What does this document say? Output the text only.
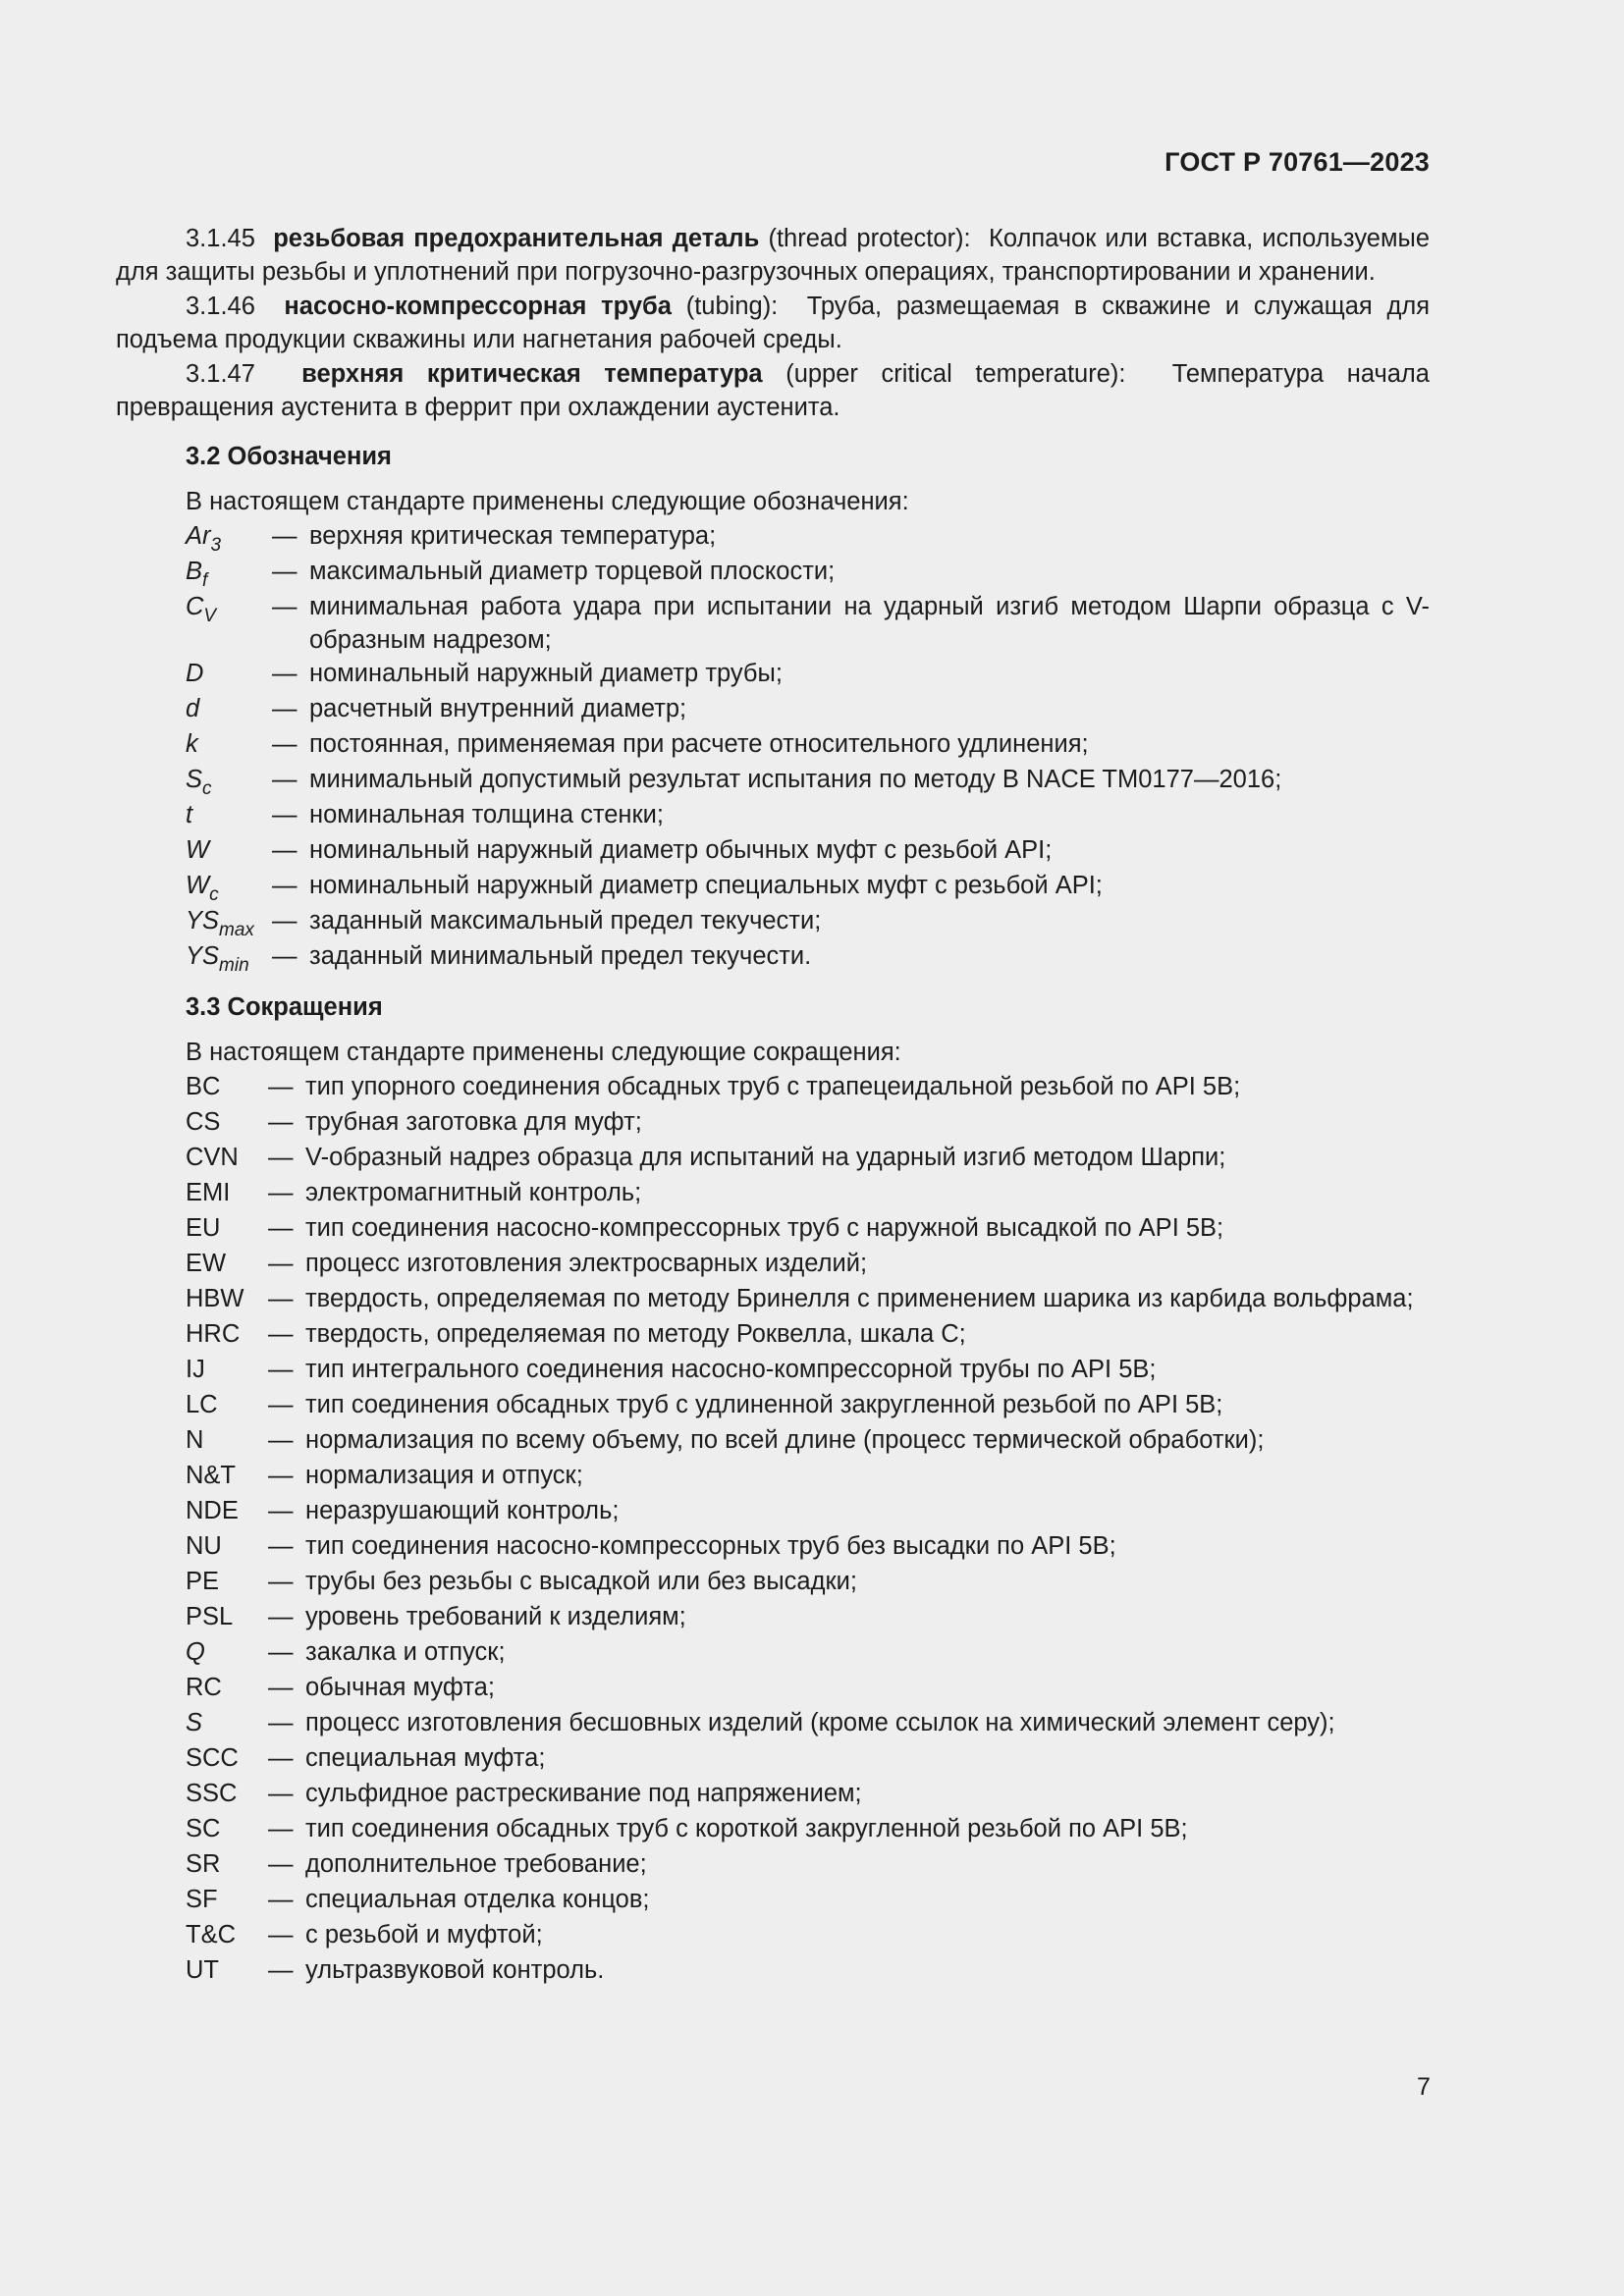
ГОСТ Р 70761—2023

3.1.45 резьбовая предохранительная деталь (thread protector): Колпачок или вставка, используемые для защиты резьбы и уплотнений при погрузочно-разгрузочных операциях, транспортировании и хранении.

3.1.46 насосно-компрессорная труба (tubing): Труба, размещаемая в скважине и служащая для подъема продукции скважины или нагнетания рабочей среды.

3.1.47 верхняя критическая температура (upper critical temperature): Температура начала превращения аустенита в феррит при охлаждении аустенита.

3.2 Обозначения
В настоящем стандарте применены следующие обозначения:
$Ar_3$	— верхняя критическая температура;
$B_f$	— максимальный диаметр торцевой плоскости;
$C_V$	— минимальная работа удара при испытании на ударный изгиб методом Шарпи образца с V-образным надрезом;
D	— номинальный наружный диаметр трубы;
d	— расчетный внутренний диаметр;
k	— постоянная, применяемая при расчете относительного удлинения;
$S_c$	— минимальный допустимый результат испытания по методу B NACE TM0177—2016;
t	— номинальная толщина стенки;
W	— номинальный наружный диаметр обычных муфт с резьбой API;
$W_c$	— номинальный наружный диаметр специальных муфт с резьбой API;
$YS_{max}$ — заданный максимальный предел текучести;
$YS_{min}$ — заданный минимальный предел текучести.
3.3 Сокращения
В настоящем стандарте применены следующие сокращения:
BC	— тип упорного соединения обсадных труб с трапецеидальной резьбой по API 5B;
CS	— трубная заготовка для муфт;
CVN	— V-образный надрез образца для испытаний на ударный изгиб методом Шарпи;
EMI	— электромагнитный контроль;
EU	— тип соединения насосно-компрессорных труб с наружной высадкой по API 5B;
EW	— процесс изготовления электросварных изделий;
HBW — твердость, определяемая по методу Бринелля с применением шарика из карбида вольфрама;
HRC	— твердость, определяемая по методу Роквелла, шкала С;
IJ	— тип интегрального соединения насосно-компрессорной трубы по API 5B;
LC	— тип соединения обсадных труб с удлиненной закругленной резьбой по API 5B;
N	— нормализация по всему объему, по всей длине (процесс термической обработки);
N&T	— нормализация и отпуск;
NDE	— неразрушающий контроль;
NU	— тип соединения насосно-компрессорных труб без высадки по API 5B;
PE	— трубы без резьбы с высадкой или без высадки;
PSL	— уровень требований к изделиям;
Q	— закалка и отпуск;
RC	— обычная муфта;
S	— процесс изготовления бесшовных изделий (кроме ссылок на химический элемент серу);
SCC	— специальная муфта;
SSC	— сульфидное растрескивание под напряжением;
SC	— тип соединения обсадных труб с короткой закругленной резьбой по API 5B;
SR	— дополнительное требование;
SF	— специальная отделка концов;
T&C	— с резьбой и муфтой;
UT	— ультразвуковой контроль.
7
